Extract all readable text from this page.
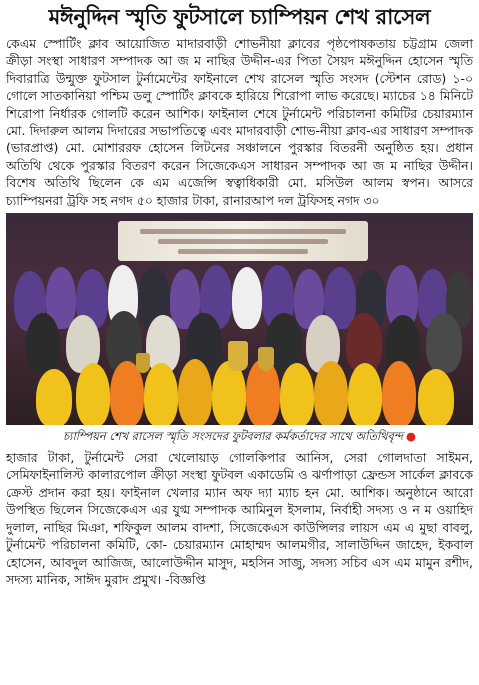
মঈনুদ্দিন স্মৃতি ফুটসালে চ্যাম্পিয়ন শেখ রাসেল

কেএম স্পোর্টিং ক্লাব আয়োজিত মাদারবাড়ী শোভনীয়া ক্লাবের পৃষ্ঠপোষকতায় চট্টগ্রাম জেলা ক্রীড়া সংস্থা সাধারণ সম্পাদক আ জ ম নাছির উদ্দীন-এর পিতা সৈয়দ মঈনুদ্দিন হোসেন স্মৃতি দিবারাত্রি উন্মুক্ত ফুটসাল টুর্নামেন্টের ফাইনালে শেখ রাসেল স্মৃতি সংসদ (স্টেশন রোড) ১-০ গোলে সাতকানিয়া পশ্চিম ডলু স্পোর্টিং ক্লাবকে হারিয়ে শিরোপা লাভ করেছে। ম্যাচের ১৪ মিনিটে শিরোপা নির্ধারক গোলটি করেন আশিক। ফাইনাল শেষে টুর্নামেন্ট পরিচালনা কমিটির চেয়ারম্যান মো. দিদারুল আলম দিদারের সভাপতিত্বে এবং মাদারবাড়ী শোভ-নীয়া ক্লাব-এর সাধারণ সম্পাদক (ভারপ্রাপ্ত) মো. মোশাররফ হোসেন লিটনের সঞ্চালনে পুরস্কার বিতরনী অনুষ্ঠিত হয়। প্রধান অতিথি থেকে পুরস্কার বিতরণ করেন সিজেকেএস সাধারন সম্পাদক আ জ ম নাছির উদ্দীন। বিশেষ অতিথি ছিলেন কে এম এজেন্সি স্বত্বাধিকারী মো. মসিউল আলম স্বপন। আসরে চ্যাম্পিয়নরা ট্রফি সহ নগদ ৫০ হাজার টাকা, রানারআপ দল ট্রফিসহ নগদ ৩০

চ্যাম্পিয়ন শেখ রাসেল স্মৃতি সংসদের ফুটবলার কর্মকর্তাদের সাথে অতিথিবৃন্দ ●

হাজার টাকা, টুর্নামেন্ট সেরা খেলোয়াড় গোলকিপার আনিস, সেরা গোলদাতা সাইমন, সেমিফাইনালিস্ট কালারপোল ক্রীড়া সংস্থা ফুটবল একাডেমি ও ঝর্ণাপাড়া ফ্রেন্ডস সার্কেল ক্লাবকে ক্রেস্ট প্রদান করা হয়। ফাইনাল খেলার ম্যান অফ দ্যা ম্যাচ হন মো. আশিক। অনুষ্ঠানে আরো উপস্থিত ছিলেন সিজেকেএস এর যুগ্ম সম্পাদক আমিনুল ইসলাম, নির্বাহী সদস্য ও ন ম ওয়াহিদ দুলাল, নাছির মিঞা, শফিকুল আলম বাদশা, সিজেকেএস কাউন্সিলর লায়স এম এ মুছা বাবলু, টুর্নামেন্ট পরিচালনা কমিটি, কো- চেয়ারম্যান মোহাম্মদ আলমগীর, সালাউদ্দিন জাহেদ, ইকবাল হোসেন, আবদুল আজিজ, আলোউদ্দীন মাসুদ, মহসিন সাজু, সদস্য সচিব এস এম মামুন রশীদ, সদস্য মানিক, সাঈদ মুরাদ প্রমুখ। -বিজ্ঞপ্তি
